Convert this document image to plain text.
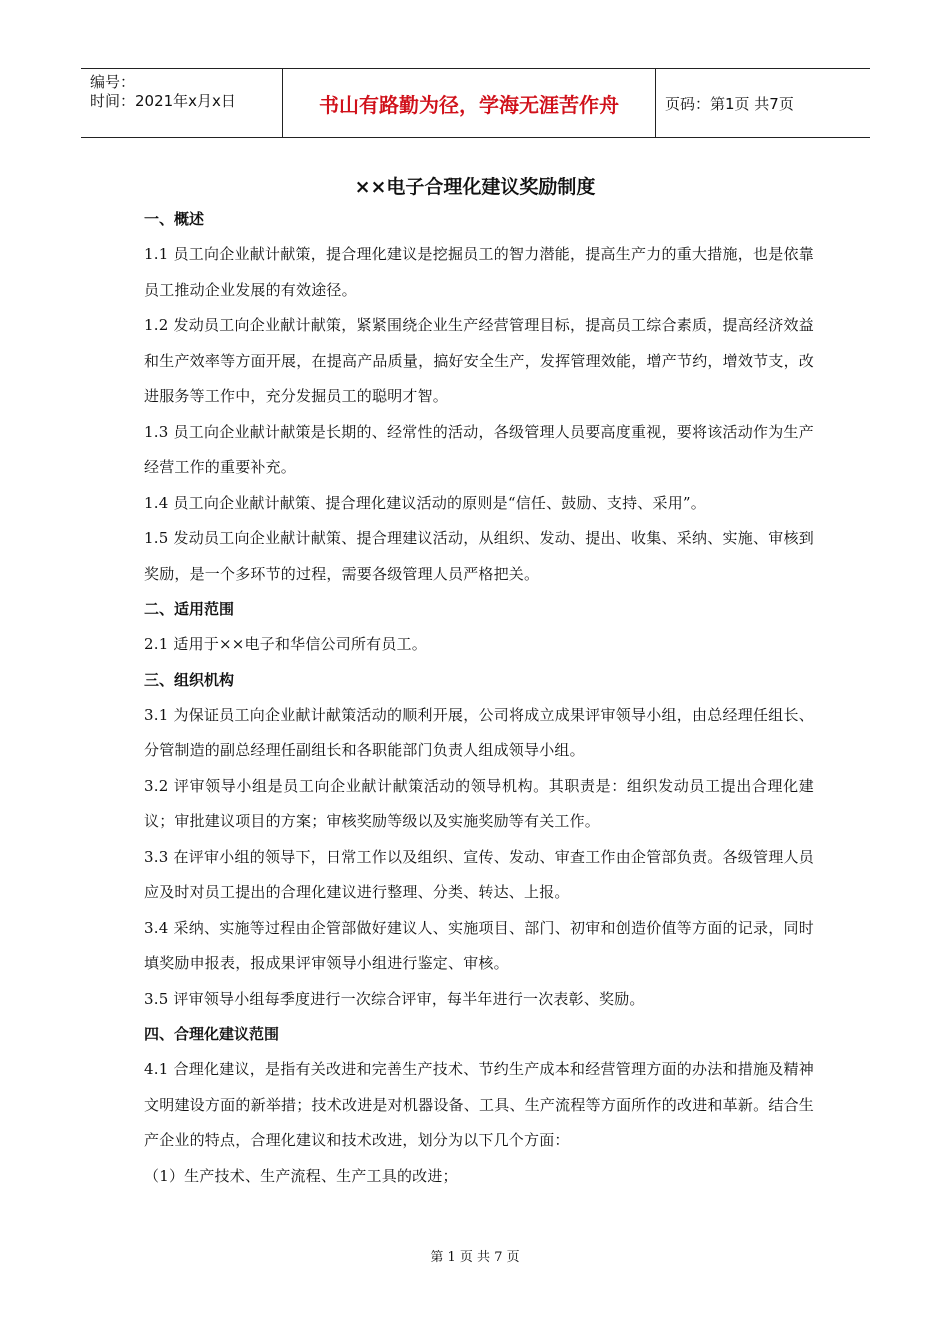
编号：
时间：2021年x月x日	书山有路勤为径，学海无涯苦作舟	页码：第1页 共7页
××电子合理化建议奖励制度
一、概述
1.1 员工向企业献计献策，提合理化建议是挖掘员工的智力潜能，提高生产力的重大措施，也是依靠员工推动企业发展的有效途径。
1.2 发动员工向企业献计献策，紧紧围绕企业生产经营管理目标，提高员工综合素质，提高经济效益和生产效率等方面开展，在提高产品质量，搞好安全生产，发挥管理效能，增产节约，增效节支，改进服务等工作中，充分发掘员工的聪明才智。
1.3 员工向企业献计献策是长期的、经常性的活动，各级管理人员要高度重视，要将该活动作为生产经营工作的重要补充。
1.4 员工向企业献计献策、提合理化建议活动的原则是“信任、鼓励、支持、采用”。
1.5 发动员工向企业献计献策、提合理建议活动，从组织、发动、提出、收集、采纳、实施、审核到奖励，是一个多环节的过程，需要各级管理人员严格把关。
二、适用范围
2.1 适用于××电子和华信公司所有员工。
三、组织机构
3.1 为保证员工向企业献计献策活动的顺利开展，公司将成立成果评审领导小组，由总经理任组长、分管制造的副总经理任副组长和各职能部门负责人组成领导小组。
3.2 评审领导小组是员工向企业献计献策活动的领导机构。其职责是：组织发动员工提出合理化建议；审批建议项目的方案；审核奖励等级以及实施奖励等有关工作。
3.3 在评审小组的领导下，日常工作以及组织、宣传、发动、审查工作由企管部负责。各级管理人员应及时对员工提出的合理化建议进行整理、分类、转达、上报。
3.4 采纳、实施等过程由企管部做好建议人、实施项目、部门、初审和创造价值等方面的记录，同时填奖励申报表，报成果评审领导小组进行鉴定、审核。
3.5 评审领导小组每季度进行一次综合评审，每半年进行一次表彰、奖励。
四、合理化建议范围
4.1 合理化建议，是指有关改进和完善生产技术、节约生产成本和经营管理方面的办法和措施及精神文明建设方面的新举措；技术改进是对机器设备、工具、生产流程等方面所作的改进和革新。结合生产企业的特点，合理化建议和技术改进，划分为以下几个方面：
（1）生产技术、生产流程、生产工具的改进；
第 1 页 共 7 页
